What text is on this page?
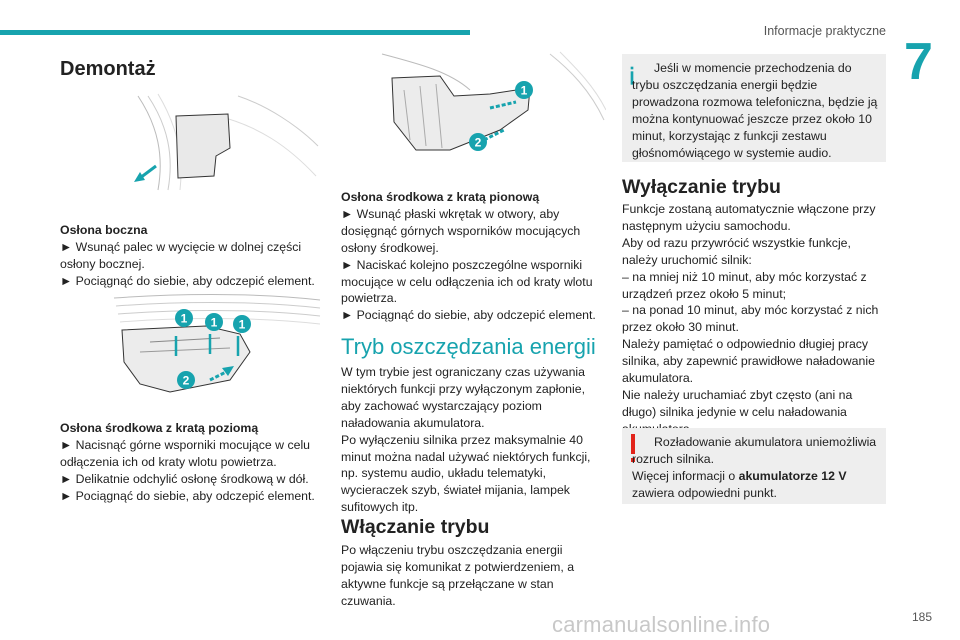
Informacje praktyczne
7
Demontaż
Osłona boczna
► Wsunąć palec w wycięcie w dolnej części osłony bocznej.
► Pociągnąć do siebie, aby odczepić element.
1 1 1
2
Osłona środkowa z kratą poziomą
► Nacisnąć górne wsporniki mocujące w celu odłączenia ich od kraty wlotu powietrza.
► Delikatnie odchylić osłonę środkową w dół.
► Pociągnąć do siebie, aby odczepić element.
1
2
Osłona środkowa z kratą pionową
► Wsunąć płaski wkrętak w otwory, aby dosięgnąć górnych wsporników mocujących osłony środkowej.
► Naciskać kolejno poszczególne wsporniki mocujące w celu odłączenia ich od kraty wlotu powietrza.
► Pociągnąć do siebie, aby odczepić element.
Tryb oszczędzania energii
W tym trybie jest ograniczany czas używania niektórych funkcji przy wyłączonym zapłonie, aby zachować wystarczający poziom naładowania akumulatora.
Po wyłączeniu silnika przez maksymalnie 40 minut można nadal używać niektórych funkcji, np. systemu audio, układu telematyki, wycieraczek szyb, świateł mijania, lampek sufitowych itp.
Włączanie trybu
Po włączeniu trybu oszczędzania energii pojawia się komunikat z potwierdzeniem, a aktywne funkcje są przełączane w stan czuwania.
Jeśli w momencie przechodzenia do trybu oszczędzania energii będzie prowadzona rozmowa telefoniczna, będzie ją można kontynuować jeszcze przez około 10 minut, korzystając z funkcji zestawu głośnomówiącego w systemie audio.
Wyłączanie trybu
Funkcje zostaną automatycznie włączone przy następnym użyciu samochodu.
Aby od razu przywrócić wszystkie funkcje, należy uruchomić silnik:
– na mniej niż 10 minut, aby móc korzystać z urządzeń przez około 5 minut;
– na ponad 10 minut, aby móc korzystać z nich przez około 30 minut.
Należy pamiętać o odpowiednio długiej pracy silnika, aby zapewnić prawidłowe naładowanie akumulatora.
Nie należy uruchamiać zbyt często (ani na długo) silnika jedynie w celu naładowania
Rozładowanie akumulatora uniemożliwia rozruch silnika.
Więcej informacji o akumulatorze 12 V
zawiera odpowiedni punkt.
carmanualsonline.info	185
